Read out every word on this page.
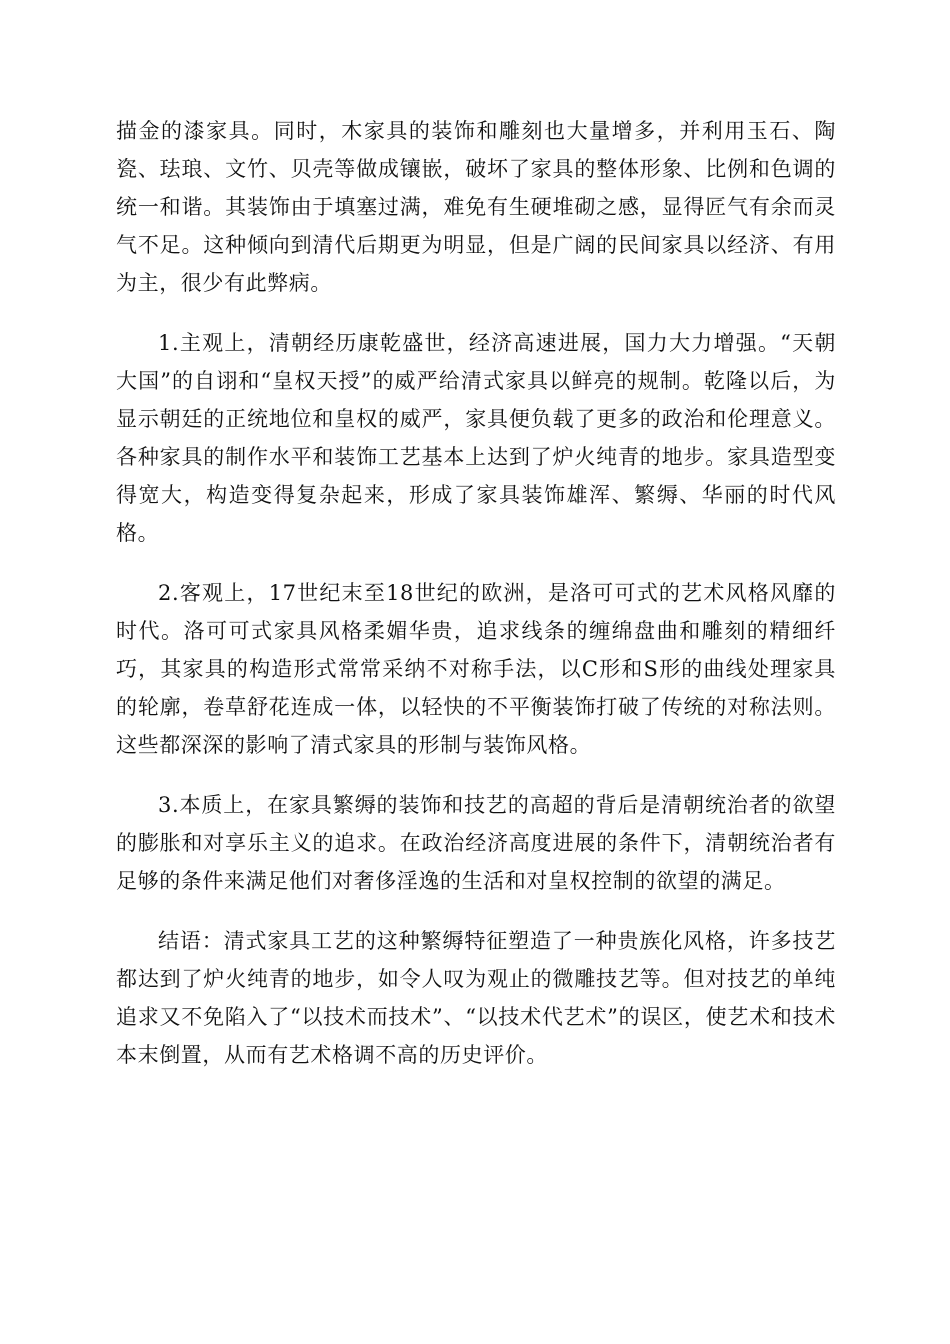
描金的漆家具。同时，木家具的装饰和雕刻也大量增多，并利用玉石、陶瓷、珐琅、文竹、贝壳等做成镶嵌，破坏了家具的整体形象、比例和色调的统一和谐。其装饰由于填塞过满，难免有生硬堆砌之感，显得匠气有余而灵气不足。这种倾向到清代后期更为明显，但是广阔的民间家具以经济、有用为主，很少有此弊病。

1.主观上，清朝经历康乾盛世，经济高速进展，国力大力增强。“天朝大国”的自诩和“皇权天授”的威严给清式家具以鲜亮的规制。乾隆以后，为显示朝廷的正统地位和皇权的威严，家具便负载了更多的政治和伦理意义。各种家具的制作水平和装饰工艺基本上达到了炉火纯青的地步。家具造型变得宽大，构造变得复杂起来，形成了家具装饰雄浑、繁缛、华丽的时代风格。

2.客观上，17世纪末至18世纪的欧洲，是洛可可式的艺术风格风靡的时代。洛可可式家具风格柔媚华贵，追求线条的缠绵盘曲和雕刻的精细纤巧，其家具的构造形式常常采纳不对称手法，以C形和S形的曲线处理家具的轮廓，卷草舒花连成一体，以轻快的不平衡装饰打破了传统的对称法则。这些都深深的影响了清式家具的形制与装饰风格。

3.本质上，在家具繁缛的装饰和技艺的高超的背后是清朝统治者的欲望的膨胀和对享乐主义的追求。在政治经济高度进展的条件下，清朝统治者有足够的条件来满足他们对奢侈淫逸的生活和对皇权控制的欲望的满足。

结语：清式家具工艺的这种繁缛特征塑造了一种贵族化风格，许多技艺都达到了炉火纯青的地步，如令人叹为观止的微雕技艺等。但对技艺的单纯追求又不免陷入了“以技术而技术”、“以技术代艺术”的误区，使艺术和技术本末倒置，从而有艺术格调不高的历史评价。
